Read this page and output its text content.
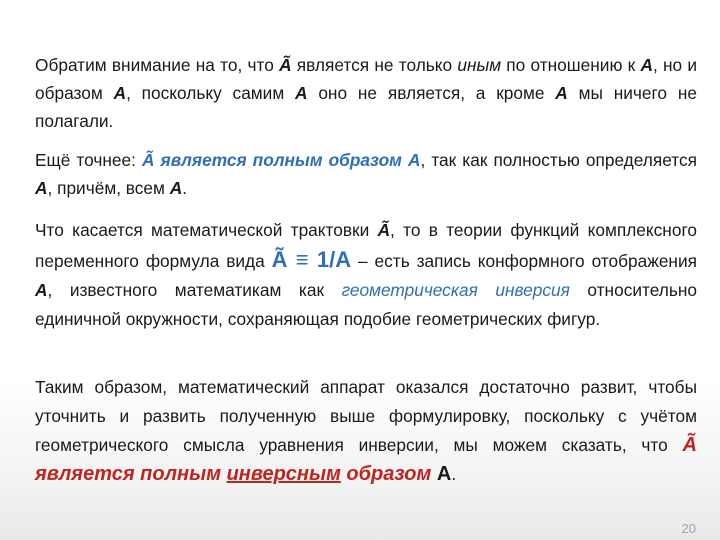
Обратим внимание на то, что Ã является не только иным по отношению к А, но и образом А, поскольку самим А оно не является, а кроме А мы ничего не полагали.
Ещё точнее: Ã является полным образом А, так как полностью определяется А, причём, всем А.
Что касается математической трактовки Ã, то в теории функций комплексного переменного формула вида Ã ≡ 1/А – есть запись конформного отображения А, известного математикам как геометрическая инверсия относительно единичной окружности, сохраняющая подобие геометрических фигур.
Таким образом, математический аппарат оказался достаточно развит, чтобы уточнить и развить полученную выше формулировку, поскольку с учётом геометрического смысла уравнения инверсии, мы можем сказать, что Ã является полным инверсным образом А.
20
